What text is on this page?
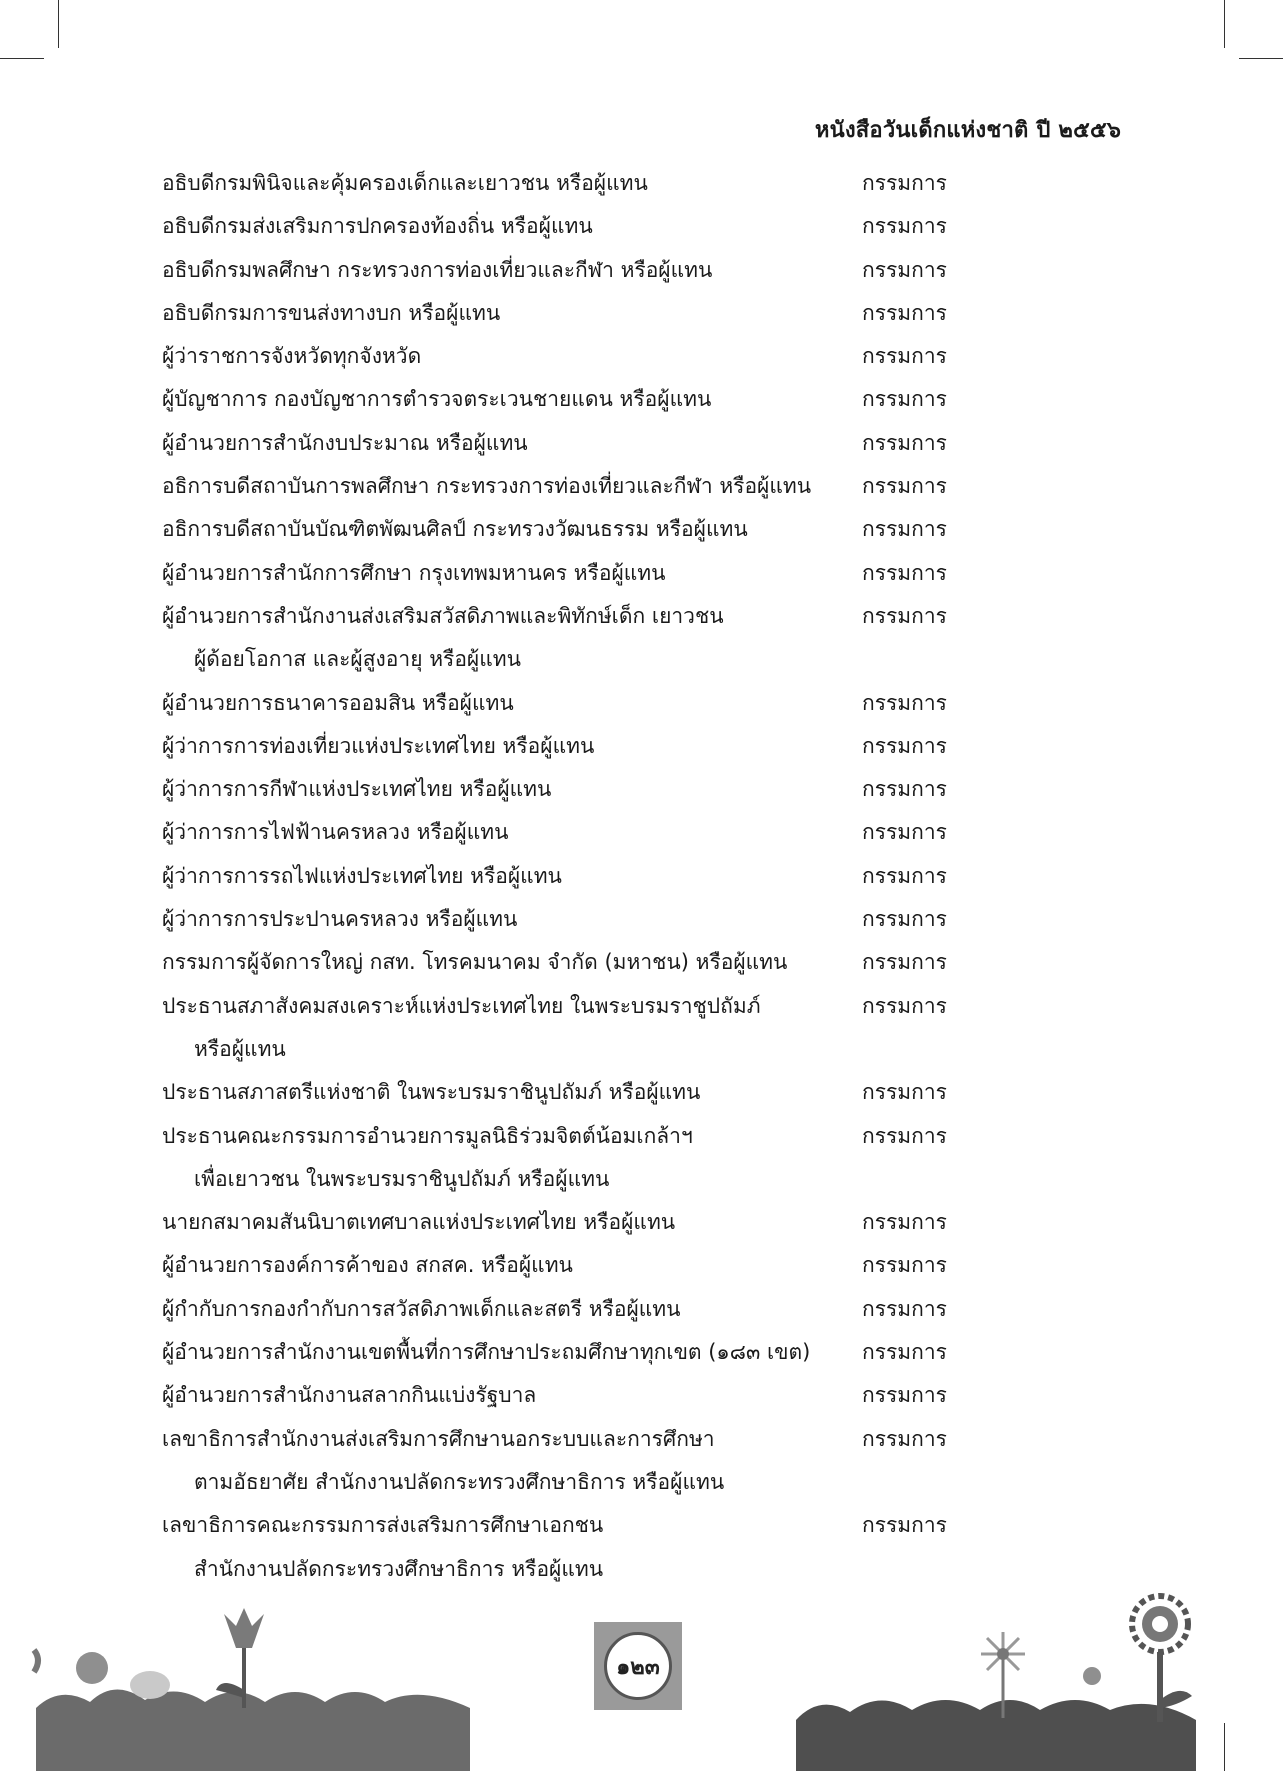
หนังสือวันเด็กแห่งชาติ ปี ๒๕๕๖
อธิบดีกรมพินิจและคุ้มครองเด็กและเยาวชน หรือผู้แทน	กรรมการ
อธิบดีกรมส่งเสริมการปกครองท้องถิ่น หรือผู้แทน	กรรมการ
อธิบดีกรมพลศึกษา กระทรวงการท่องเที่ยวและกีฬา หรือผู้แทน	กรรมการ
อธิบดีกรมการขนส่งทางบก หรือผู้แทน	กรรมการ
ผู้ว่าราชการจังหวัดทุกจังหวัด	กรรมการ
ผู้บัญชาการ กองบัญชาการตำรวจตระเวนชายแดน หรือผู้แทน	กรรมการ
ผู้อำนวยการสำนักงบประมาณ หรือผู้แทน	กรรมการ
อธิการบดีสถาบันการพลศึกษา กระทรวงการท่องเที่ยวและกีฬา หรือผู้แทน กรรมการ
อธิการบดีสถาบันบัณฑิตพัฒนศิลป์ กระทรวงวัฒนธรรม หรือผู้แทน	กรรมการ
ผู้อำนวยการสำนักการศึกษา กรุงเทพมหานคร หรือผู้แทน	กรรมการ
ผู้อำนวยการสำนักงานส่งเสริมสวัสดิภาพและพิทักษ์เด็ก เยาวชน	กรรมการ
ผู้ด้อยโอกาส และผู้สูงอายุ หรือผู้แทน
ผู้อำนวยการธนาคารออมสิน หรือผู้แทน	กรรมการ
ผู้ว่าการการท่องเที่ยวแห่งประเทศไทย หรือผู้แทน	กรรมการ
ผู้ว่าการการกีฬาแห่งประเทศไทย หรือผู้แทน	กรรมการ
ผู้ว่าการการไฟฟ้านครหลวง หรือผู้แทน	กรรมการ
ผู้ว่าการการรถไฟแห่งประเทศไทย หรือผู้แทน	กรรมการ
ผู้ว่าการการประปานครหลวง หรือผู้แทน	กรรมการ
กรรมการผู้จัดการใหญ่ กสท. โทรคมนาคม จำกัด (มหาชน) หรือผู้แทน	กรรมการ
ประธานสภาสังคมสงเคราะห์แห่งประเทศไทย ในพระบรมราชูปถัมภ์	กรรมการ
หรือผู้แทน
ประธานสภาสตรีแห่งชาติ ในพระบรมราชินูปถัมภ์ หรือผู้แทน	กรรมการ
ประธานคณะกรรมการอำนวยการมูลนิธิร่วมจิตต์น้อมเกล้าฯ	กรรมการ
เพื่อเยาวชน ในพระบรมราชินูปถัมภ์ หรือผู้แทน
นายกสมาคมสันนิบาตเทศบาลแห่งประเทศไทย หรือผู้แทน	กรรมการ
ผู้อำนวยการองค์การค้าของ สกสค. หรือผู้แทน	กรรมการ
ผู้กำกับการกองกำกับการสวัสดิภาพเด็กและสตรี หรือผู้แทน	กรรมการ
ผู้อำนวยการสำนักงานเขตพื้นที่การศึกษาประถมศึกษาทุกเขต (๑๘๓ เขต) กรรมการ
ผู้อำนวยการสำนักงานสลากกินแบ่งรัฐบาล	กรรมการ
เลขาธิการสำนักงานส่งเสริมการศึกษานอกระบบและการศึกษา	กรรมการ
ตามอัธยาศัย สำนักงานปลัดกระทรวงศึกษาธิการ หรือผู้แทน
เลขาธิการคณะกรรมการส่งเสริมการศึกษาเอกชน	กรรมการ
สำนักงานปลัดกระทรวงศึกษาธิการ หรือผู้แทน
๑๒๓
